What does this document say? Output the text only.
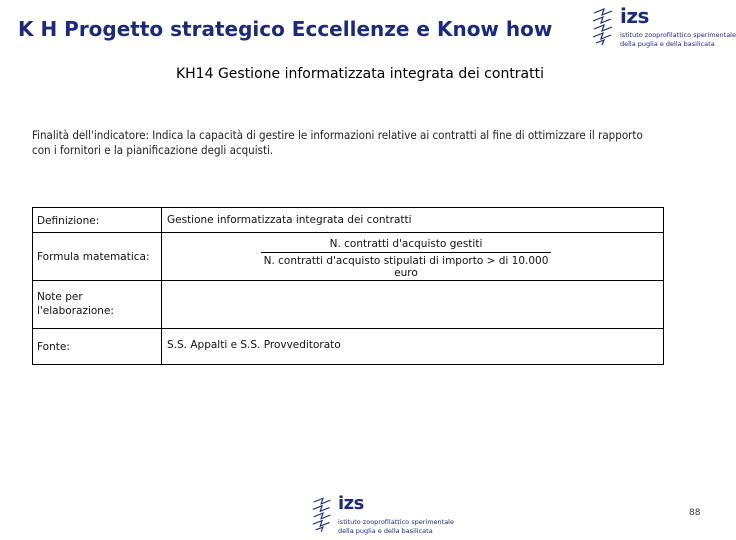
K H Progetto strategico Eccellenze e Know how
izs
istituto zooprofilattico sperimentale
della puglia e della basilicata
KH14 Gestione informatizzata integrata dei contratti
Finalità dell'indicatore: Indica la capacità di gestire le informazioni relative ai contratti al fine di ottimizzare il rapporto con i fornitori e la pianificazione degli acquisti.
Definizione:	Gestione informatizzata integrata dei contratti
Formula matematica:
N. contratti d'acquisto gestiti
N. contratti d'acquisto stipulati di importo > di 10.000 euro
Note per l'elaborazione:
Fonte:	S.S. Appalti e S.S. Provveditorato
izs
istituto zooprofilattico sperimentale
della puglia e della basilicata
88
